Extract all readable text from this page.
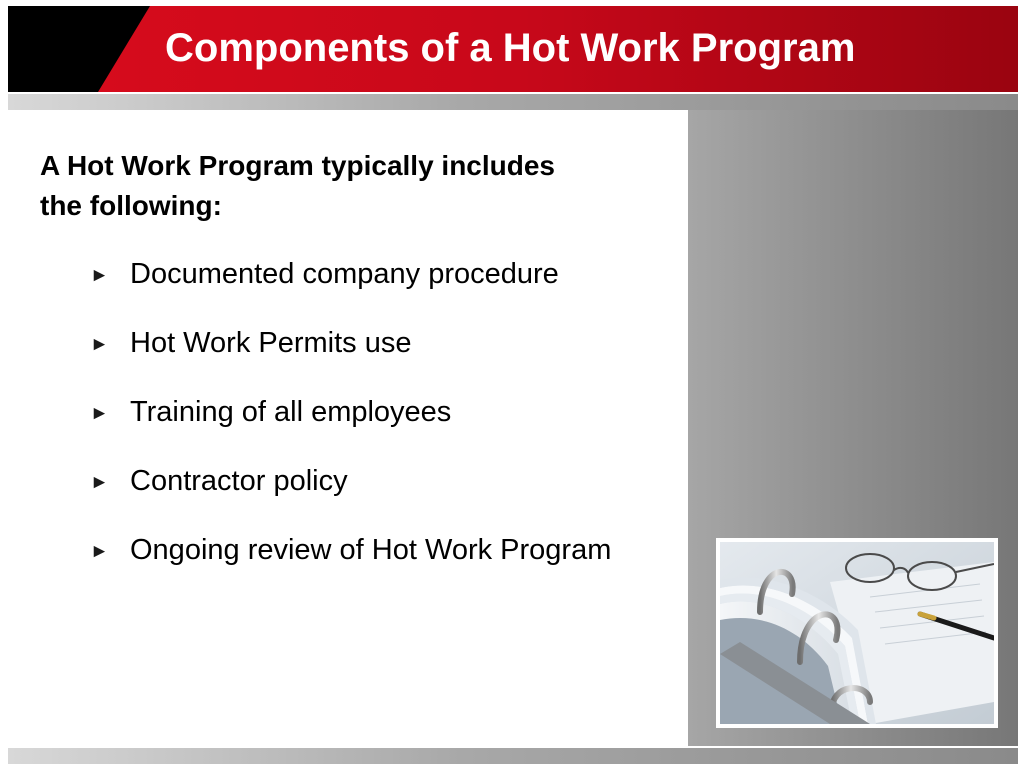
Components of a Hot Work Program

A Hot Work Program typically includes the following:

► Documented company procedure
► Hot Work Permits use
► Training of all employees
► Contractor policy
► Ongoing review of Hot Work Program
